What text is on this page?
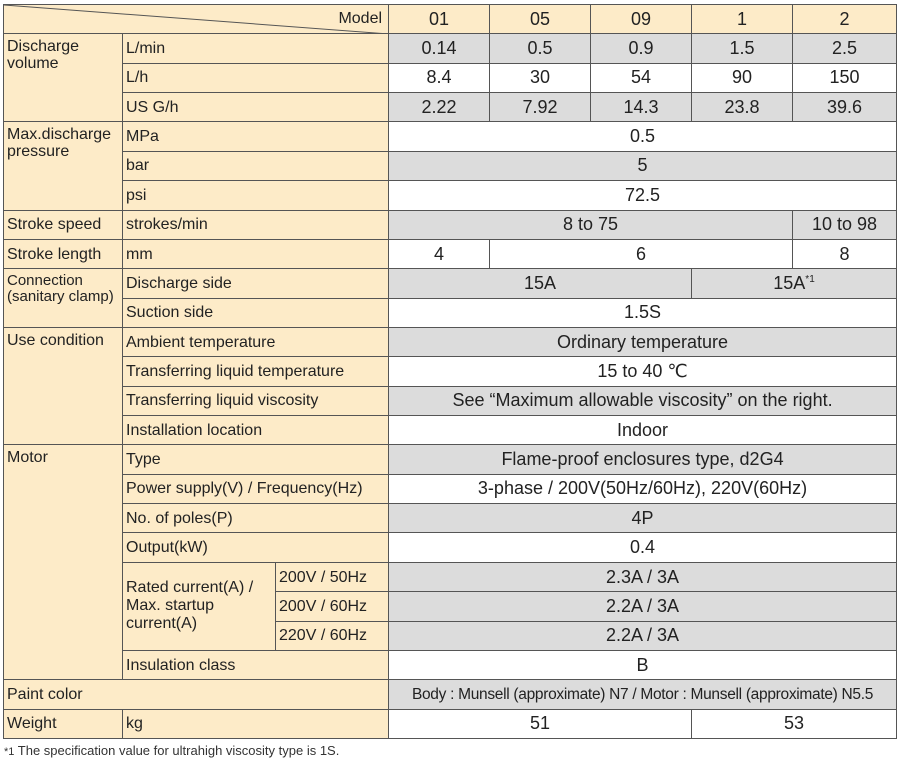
Model			01	05	09	1	2
Discharge volume	L/min		0.14	0.5	0.9	1.5	2.5
	L/h		8.4	30	54	90	150
	US G/h		2.22	7.92	14.3	23.8	39.6
Max.discharge pressure	MPa		0.5				
	bar		5				
	psi		72.5				
Stroke speed	strokes/min		8 to 75				10 to 98
Stroke length	mm		4	6			8
Connection (sanitary clamp)	Discharge side		15A			$15A^{*1}$
	Suction side		1.5S				
Use condition	Ambient temperature		Ordinary temperature				
	Transferring liquid temperature		15 to 40 ℃				
	Transferring liquid viscosity		See “Maximum allowable viscosity” on the right.				
	Installation location		Indoor				
Motor	Type		Flame-proof enclosures type, d2G4				
	Power supply(V) / Frequency(Hz)		3-phase / 200V(50Hz/60Hz), 220V(60Hz)				
	No. of poles(P)		4P				
	Output(kW)		0.4				
	Rated current(A) / Max. startup current(A)	200V / 50Hz	2.3A / 3A				
		200V / 60Hz	2.2A / 3A				
		220V / 60Hz	2.2A / 3A				
	Insulation class		B				
Paint color			Body : Munsell (approximate) N7 / Motor : Munsell (approximate) N5.5				
Weight	kg		51			53	
*1 The specification value for ultrahigh viscosity type is 1S.
